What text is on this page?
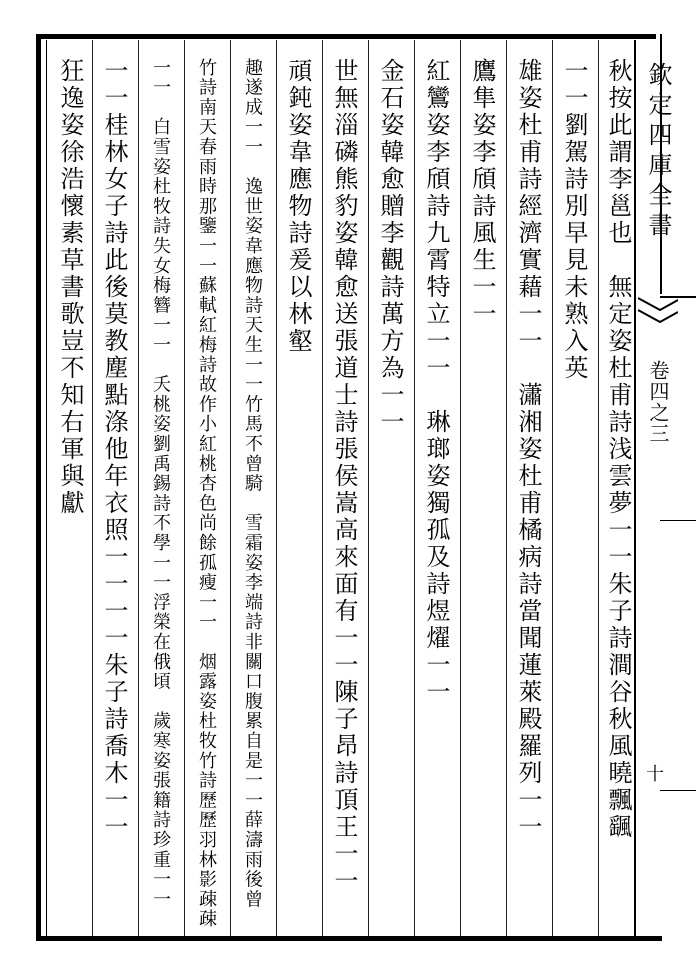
欽定四庫全書
卷四之三
十
秋按此謂李邕也　無定姿杜甫詩浅雲夢一一朱子詩澗谷秋風曉飄颻
一一劉駕詩別早見未熟入英
雄姿杜甫詩經濟實藉一一　瀟湘姿杜甫橘病詩當聞蓮萊殿羅列一一
鷹隼姿李頎詩風生一一
紅鸞姿李頎詩九霄特立一一　琳瑯姿獨孤及詩煜燿一一
金石姿韓愈贈李觀詩萬方為一一
世無淄磷熊豹姿韓愈送張道士詩張侯嵩高來面有一一陳子昂詩頂王一一
頑鈍姿韋應物詩爰以林壑
趣遂成一一　逸世姿韋應物詩天生一一竹馬不曾騎　雪霜姿李端詩非關口腹累自是一一薛濤雨後曾
竹詩南天春雨時那鑒一一蘇軾紅梅詩故作小紅桃杏色尚餘孤瘦一一　烟露姿杜牧竹詩歷歷羽林影疎疎
一一　白雪姿杜牧詩失女梅簪一一　夭桃姿劉禹錫詩不學一一浮榮在俄頃　歲寒姿張籍詩珍重一一
一一桂林女子詩此後莫教塵點涤他年衣照一一一一朱子詩喬木一一
狂逸姿徐浩懷素草書歌豈不知右軍與獻
